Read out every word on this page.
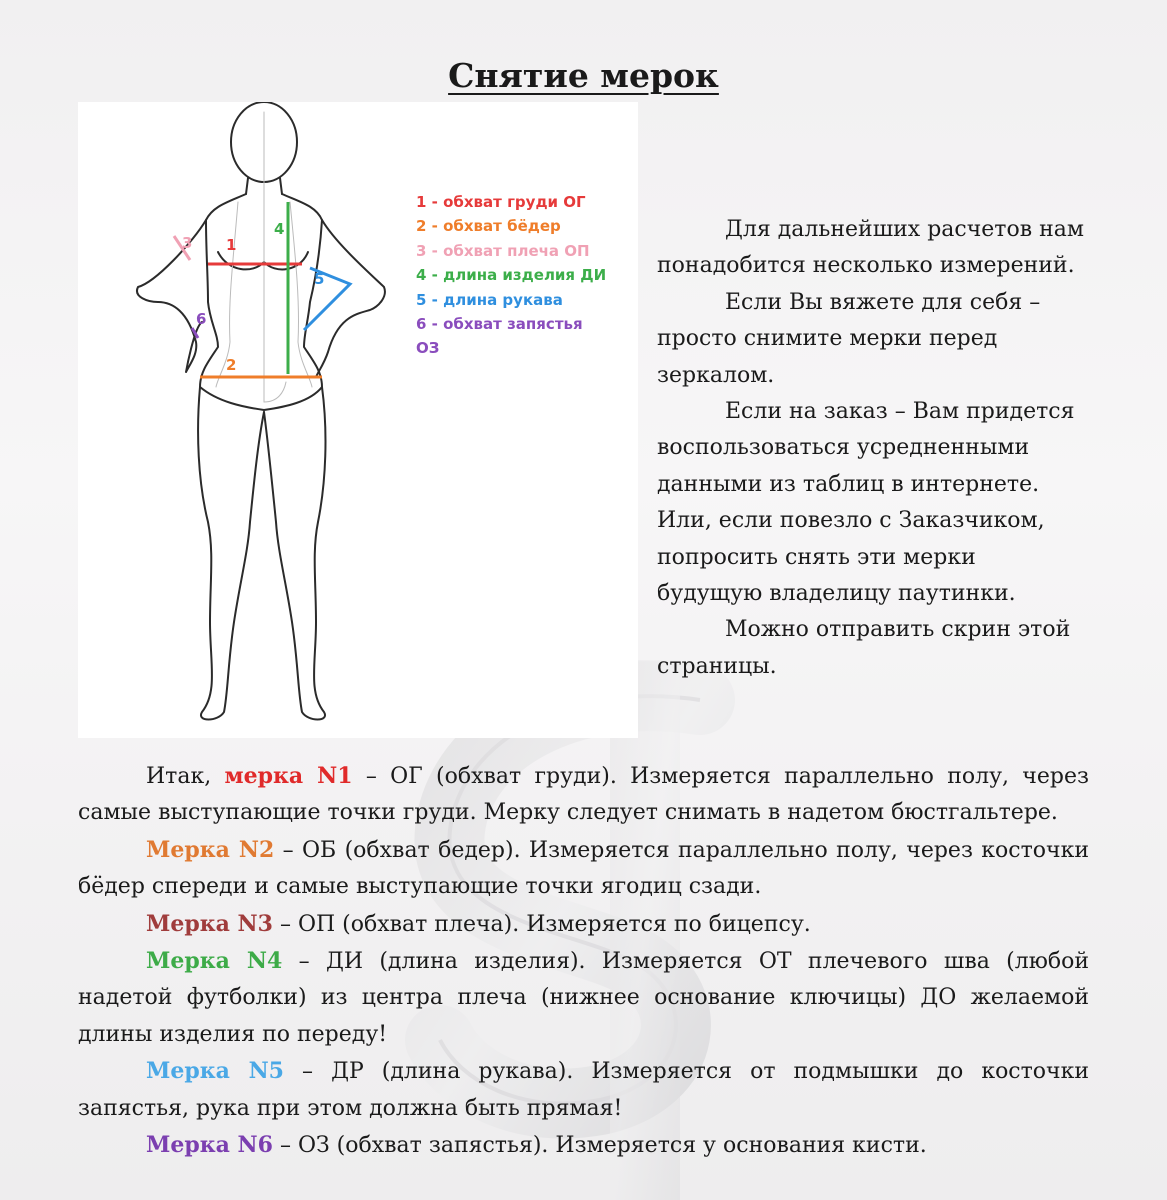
Снятие мерок
1
2
3
4
5
6
1 - обхват груди ОГ
2 - обхват бёдер
3 - обхват плеча ОП
4 - длина изделия ДИ
5 - длина рукава
6 - обхват запястья
ОЗ

Для дальнейших расчетов нам понадобится несколько измерений.

Если Вы вяжете для себя – просто снимите мерки перед зеркалом.

Если на заказ – Вам придется воспользоваться усредненными данными из таблиц в интернете. Или, если повезло с Заказчиком, попросить снять эти мерки будущую владелицу паутинки.

Можно отправить скрин этой страницы.

Итак, мерка N1 – ОГ (обхват груди). Измеряется параллельно полу, через самые выступающие точки груди. Мерку следует снимать в надетом бюстгальтере.

Мерка N2 – ОБ (обхват бедер). Измеряется параллельно полу, через косточки бёдер спереди и самые выступающие точки ягодиц сзади.

Мерка N3 – ОП (обхват плеча). Измеряется по бицепсу.

Мерка N4 – ДИ (длина изделия). Измеряется ОТ плечевого шва (любой надетой футболки) из центра плеча (нижнее основание ключицы) ДО желаемой длины изделия по переду!

Мерка N5 – ДР (длина рукава). Измеряется от подмышки до косточки запястья, рука при этом должна быть прямая!

Мерка N6 – ОЗ (обхват запястья). Измеряется у основания кисти.
